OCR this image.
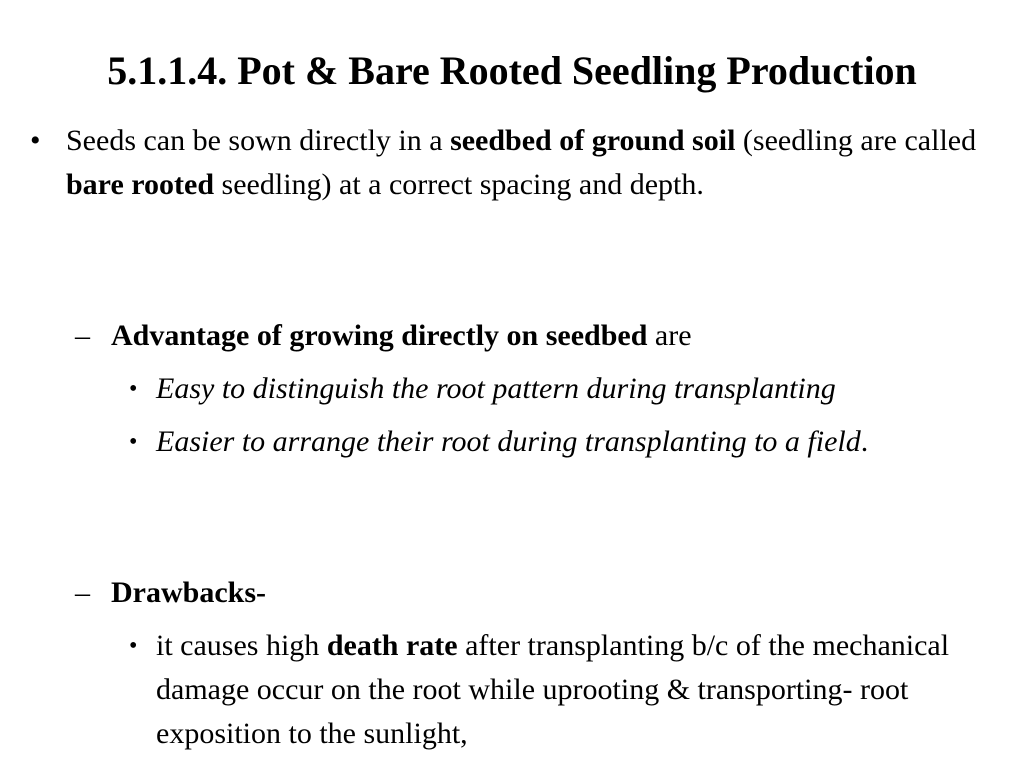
5.1.1.4. Pot & Bare Rooted Seedling Production
• Seeds can be sown directly in a seedbed of ground soil (seedling are called bare rooted seedling) at a correct spacing and depth.
– Advantage of growing directly on seedbed are
• Easy to distinguish the root pattern during transplanting
• Easier to arrange their root during transplanting to a field.
– Drawbacks-
• it causes high death rate after transplanting b/c of the mechanical damage occur on the root while uprooting & transporting- root exposition to the sunlight,
